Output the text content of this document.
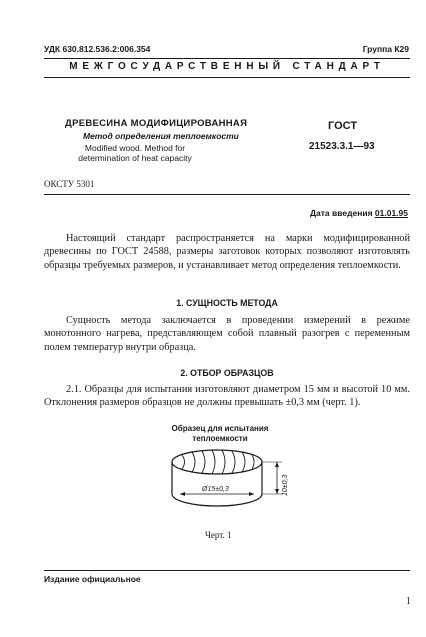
УДК 630.812.536.2:006.354	Группа К29
МЕЖГОСУДАРСТВЕННЫЙ СТАНДАРТ
ДРЕВЕСИНА МОДИФИЦИРОВАННАЯ
Метод определения теплоемкости
Modified wood. Method for
determination of heat capacity
ГОСТ
21523.3.1—93
ОКСТУ 5301
Дата введения 01.01.95
Настоящий стандарт распространяется на марки модифицированной древесины по ГОСТ 24588, размеры заготовок которых позволяют изготовлять образцы требуемых размеров, и устанавливает метод определения теплоемкости.
1. СУЩНОСТЬ МЕТОДА
Сущность метода заключается в проведении измерений в режиме монотонного нагрева, представляющем собой плавный разогрев с переменным полем температур внутри образца.
2. ОТБОР ОБРАЗЦОВ
2.1. Образцы для испытания изготовляют диаметром 15 мм и высотой 10 мм. Отклонения размеров образцов не должны превышать ±0,3 мм (черт. 1).
Образец для испытания
теплоемкости
Ø15±0,3	10±0,3
Черт. 1
Издание официальное
1
